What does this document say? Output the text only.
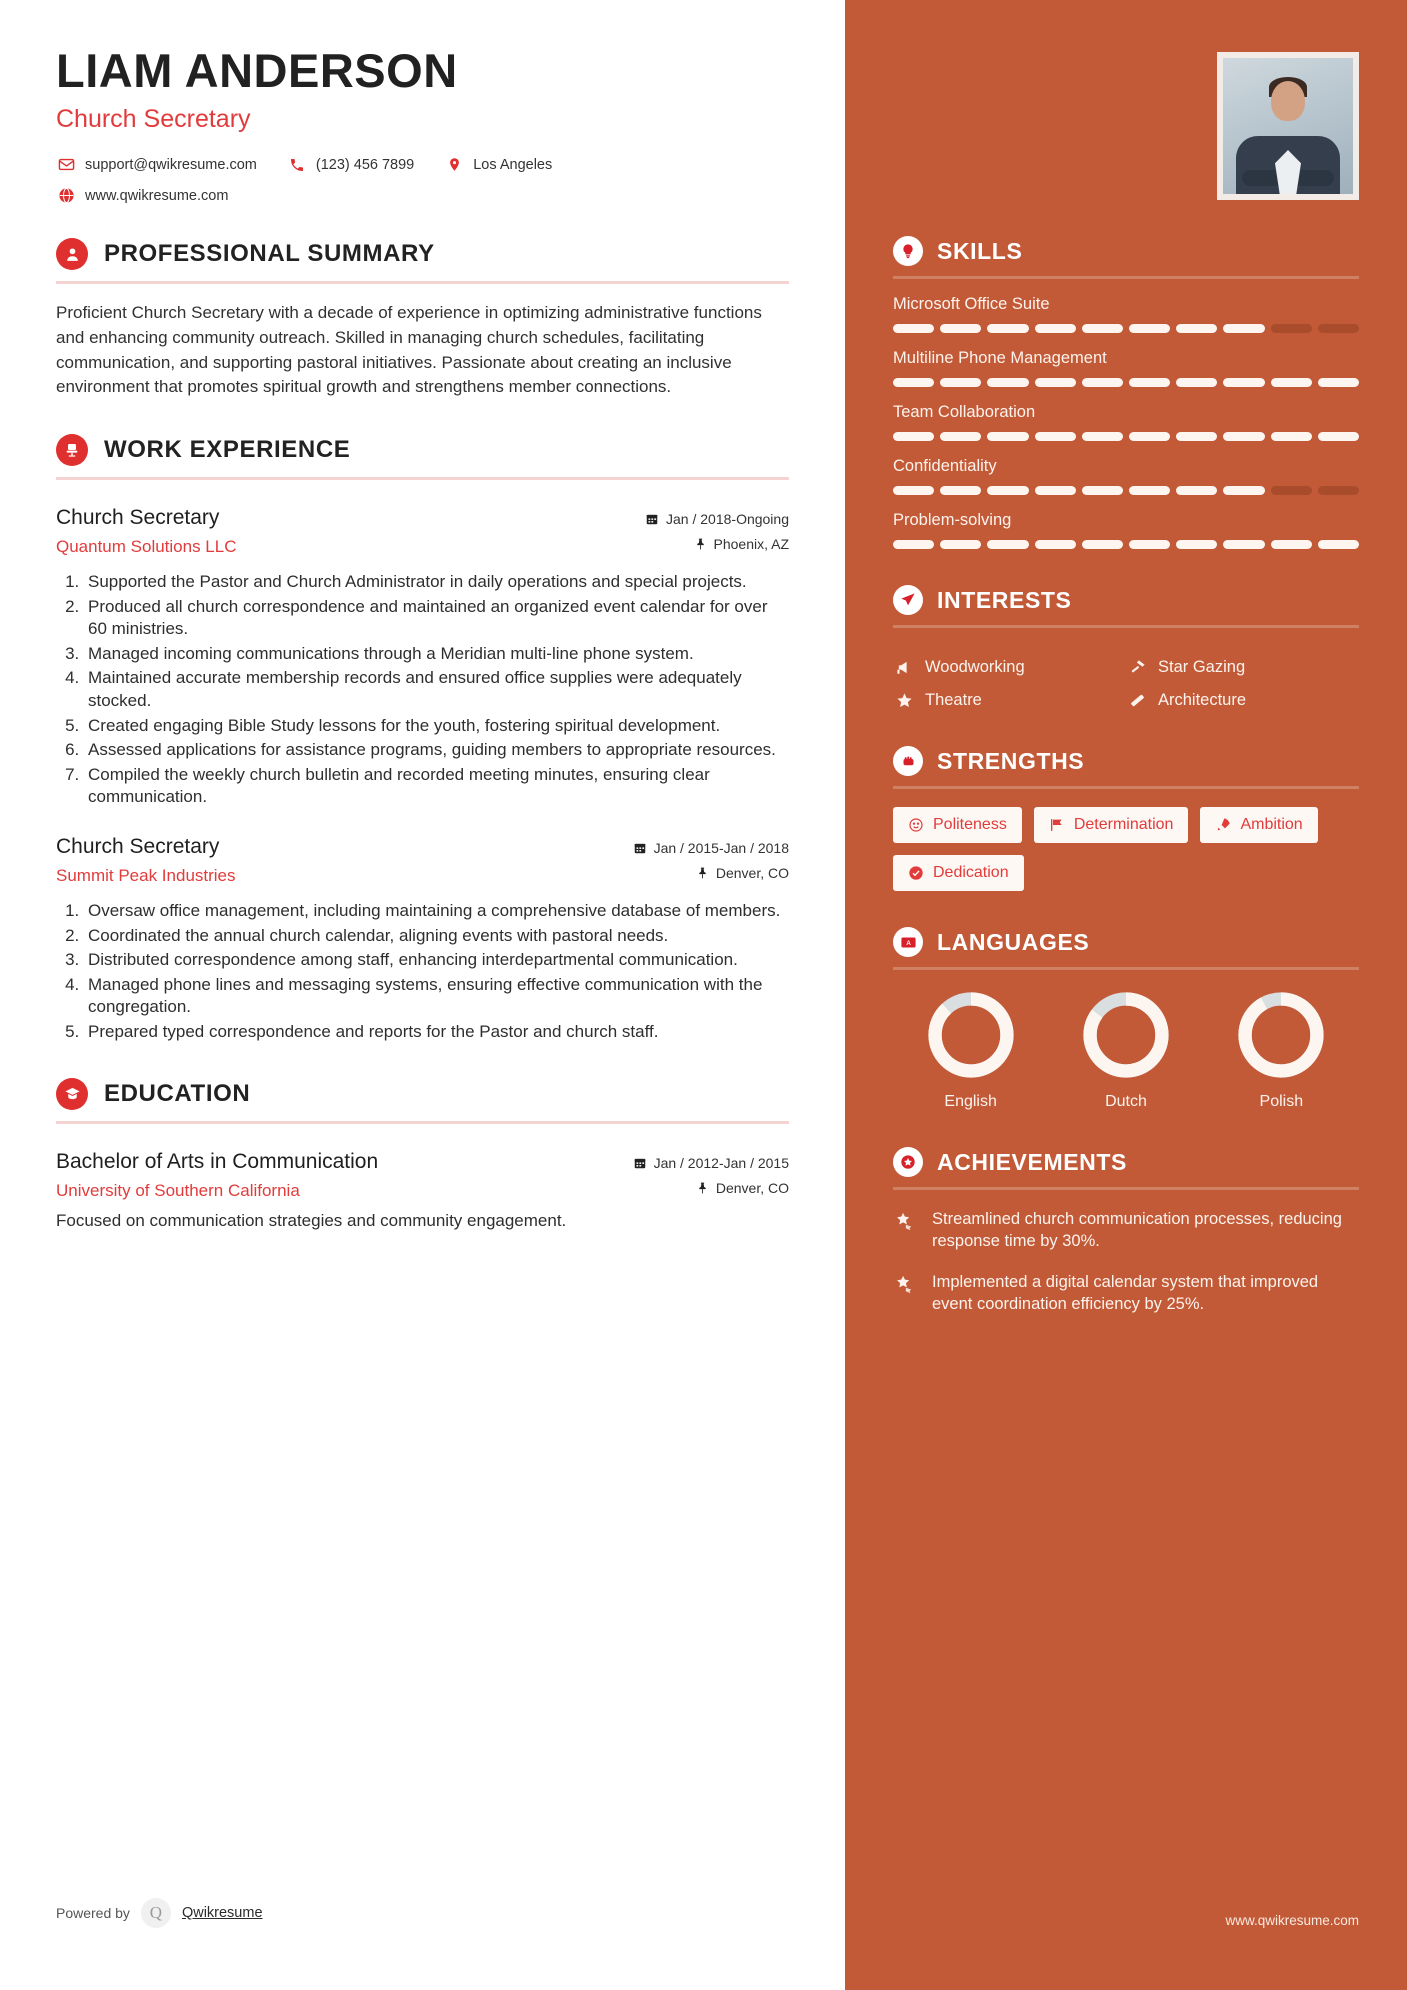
LIAM ANDERSON
Church Secretary
support@qwikresume.com	(123) 456 7899	Los Angeles
www.qwikresume.com
PROFESSIONAL SUMMARY

Proficient Church Secretary with a decade of experience in optimizing administrative functions and enhancing community outreach. Skilled in managing church schedules, facilitating communication, and supporting pastoral initiatives. Passionate about creating an inclusive environment that promotes spiritual growth and strengthens member connections.

WORK EXPERIENCE
Church Secretary
Quantum Solutions LLC
Jan / 2018-Ongoing
Phoenix, AZ
1. Supported the Pastor and Church Administrator in daily operations and special projects.
2. Produced all church correspondence and maintained an organized event calendar for over 60 ministries.
3. Managed incoming communications through a Meridian multi-line phone system.
4. Maintained accurate membership records and ensured office supplies were adequately stocked.
5. Created engaging Bible Study lessons for the youth, fostering spiritual development.
6. Assessed applications for assistance programs, guiding members to appropriate resources.
7. Compiled the weekly church bulletin and recorded meeting minutes, ensuring clear communication.
Church Secretary
Summit Peak Industries
Jan / 2015-Jan / 2018
Denver, CO
1. Oversaw office management, including maintaining a comprehensive database of members.
2. Coordinated the annual church calendar, aligning events with pastoral needs.
3. Distributed correspondence among staff, enhancing interdepartmental communication.
4. Managed phone lines and messaging systems, ensuring effective communication with the congregation.
5. Prepared typed correspondence and reports for the Pastor and church staff.
EDUCATION
Bachelor of Arts in Communication
University of Southern California
Jan / 2012-Jan / 2015
Denver, CO
Focused on communication strategies and community engagement.
Powered by	Q	Qwikresume
SKILLS
Microsoft Office Suite
Multiline Phone Management
Team Collaboration
Confidentiality
Problem-solving
INTERESTS
Woodworking	Star Gazing
Theatre	Architecture
STRENGTHS
Politeness	Determination	Ambition
Dedication
A LANGUAGES
English	Dutch	Polish
ACHIEVEMENTS
Streamlined church communication processes, reducing response time by 30%.
Implemented a digital calendar system that improved event coordination efficiency by 25%.
www.qwikresume.com
